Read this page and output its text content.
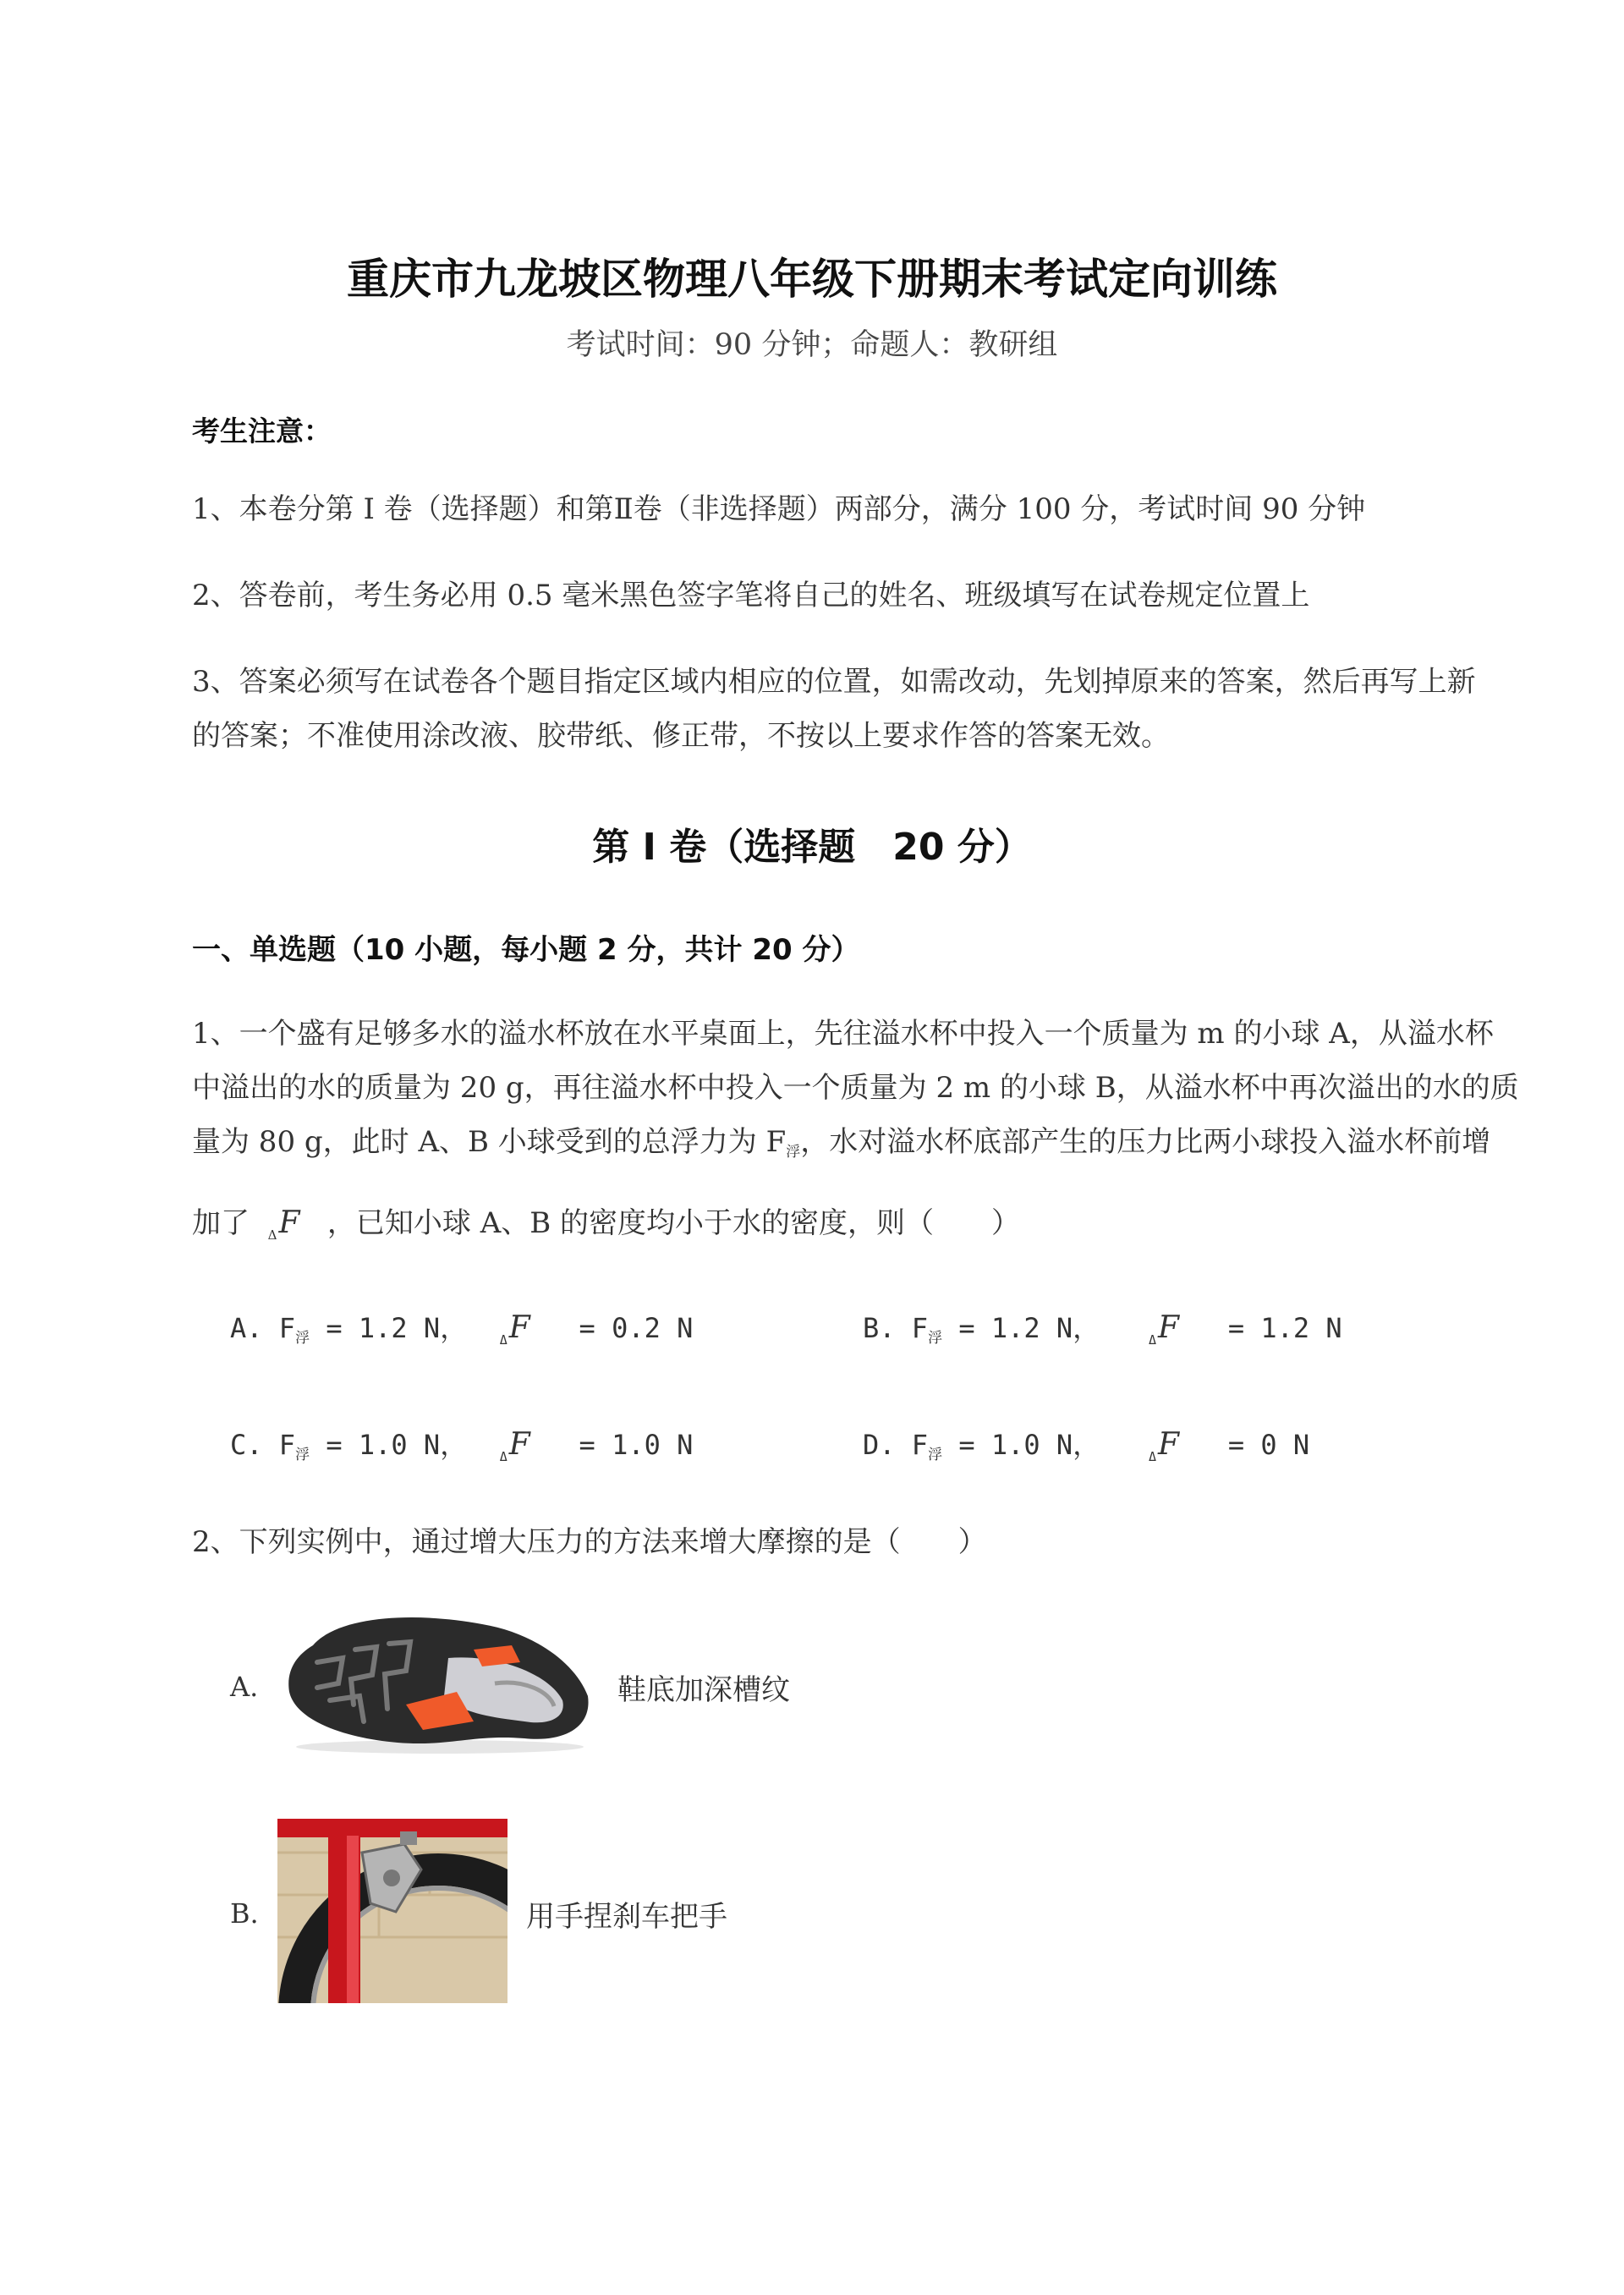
重庆市九龙坡区物理八年级下册期末考试定向训练
考试时间：90 分钟；命题人：教研组
考生注意：
1、本卷分第 I 卷（选择题）和第Ⅱ卷（非选择题）两部分，满分 100 分，考试时间 90 分钟
2、答卷前，考生务必用 0.5 毫米黑色签字笔将自己的姓名、班级填写在试卷规定位置上
3、答案必须写在试卷各个题目指定区域内相应的位置，如需改动，先划掉原来的答案，然后再写上新
的答案；不准使用涂改液、胶带纸、修正带，不按以上要求作答的答案无效。
第 I 卷（选择题　20 分）
一、单选题（10 小题，每小题 2 分，共计 20 分）
1、一个盛有足够多水的溢水杯放在水平桌面上，先往溢水杯中投入一个质量为 m 的小球 A，从溢水杯
中溢出的水的质量为 20 g，再往溢水杯中投入一个质量为 2 m 的小球 B，从溢水杯中再次溢出的水的质
量为 80 g，此时 A、B 小球受到的总浮力为 $F_浮$，水对溢水杯底部产生的压力比两小球投入溢水杯前增
加了 $_\Delta$F ，已知小球 A、B 的密度均小于水的密度，则（　　）
A. $F_浮 = 1.2$ N，	$_\Delta$F = 0.2 N	B. $F_浮 = 1.2$ N，	$_\Delta$F = 1.2 N
C. $F_浮 = 1.0$ N，	$_\Delta$F = 1.0 N	D. $F_浮 = 1.0$ N，	$_\Delta$F = 0 N
2、下列实例中，通过增大压力的方法来增大摩擦的是（　　）
A.	鞋底加深槽纹
B.	用手捏刹车把手
